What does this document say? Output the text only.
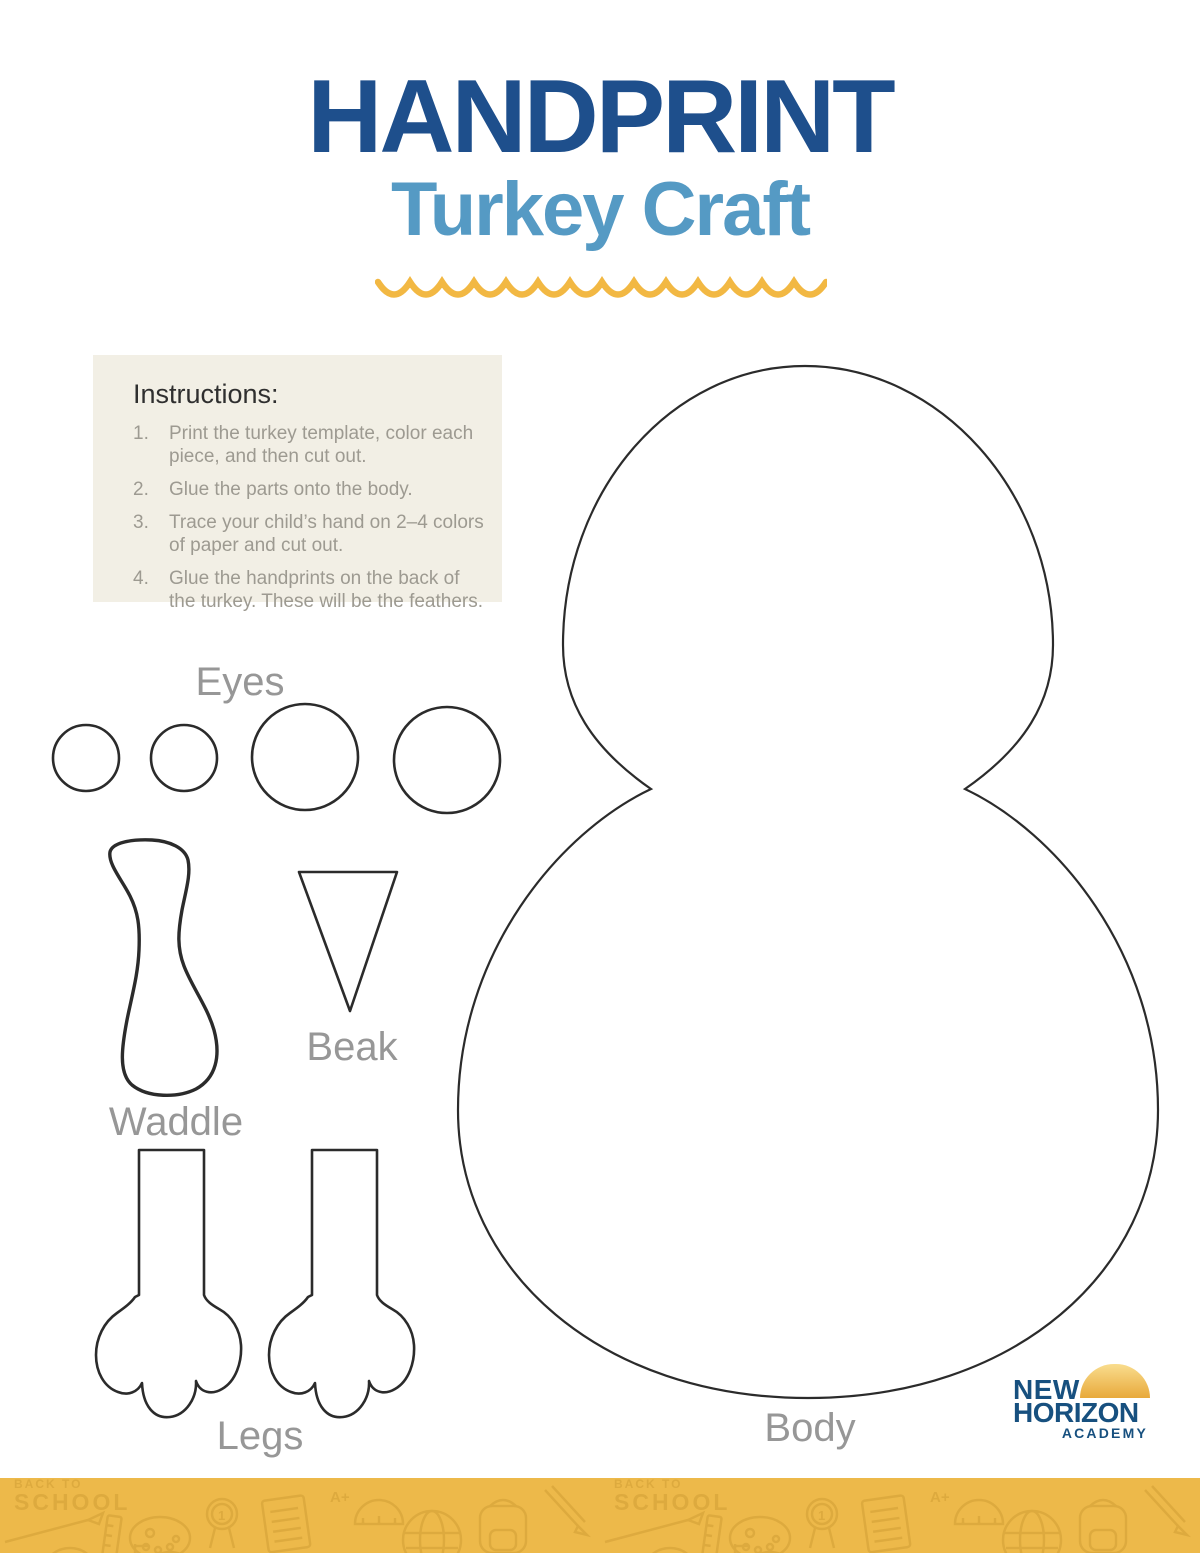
HANDPRINT
Turkey Craft
Instructions:
1.	Print the turkey template, color each piece, and then cut out.
2.	Glue the parts onto the body.
3.	Trace your child’s hand on 2–4 colors of paper and cut out.
4.	Glue the handprints on the back of the turkey. These will be the feathers.
Eyes
Waddle
Beak
Legs	Body
NEW
HORIZON
ACADEMY
BACK TO
SCHOOL
1
A+
